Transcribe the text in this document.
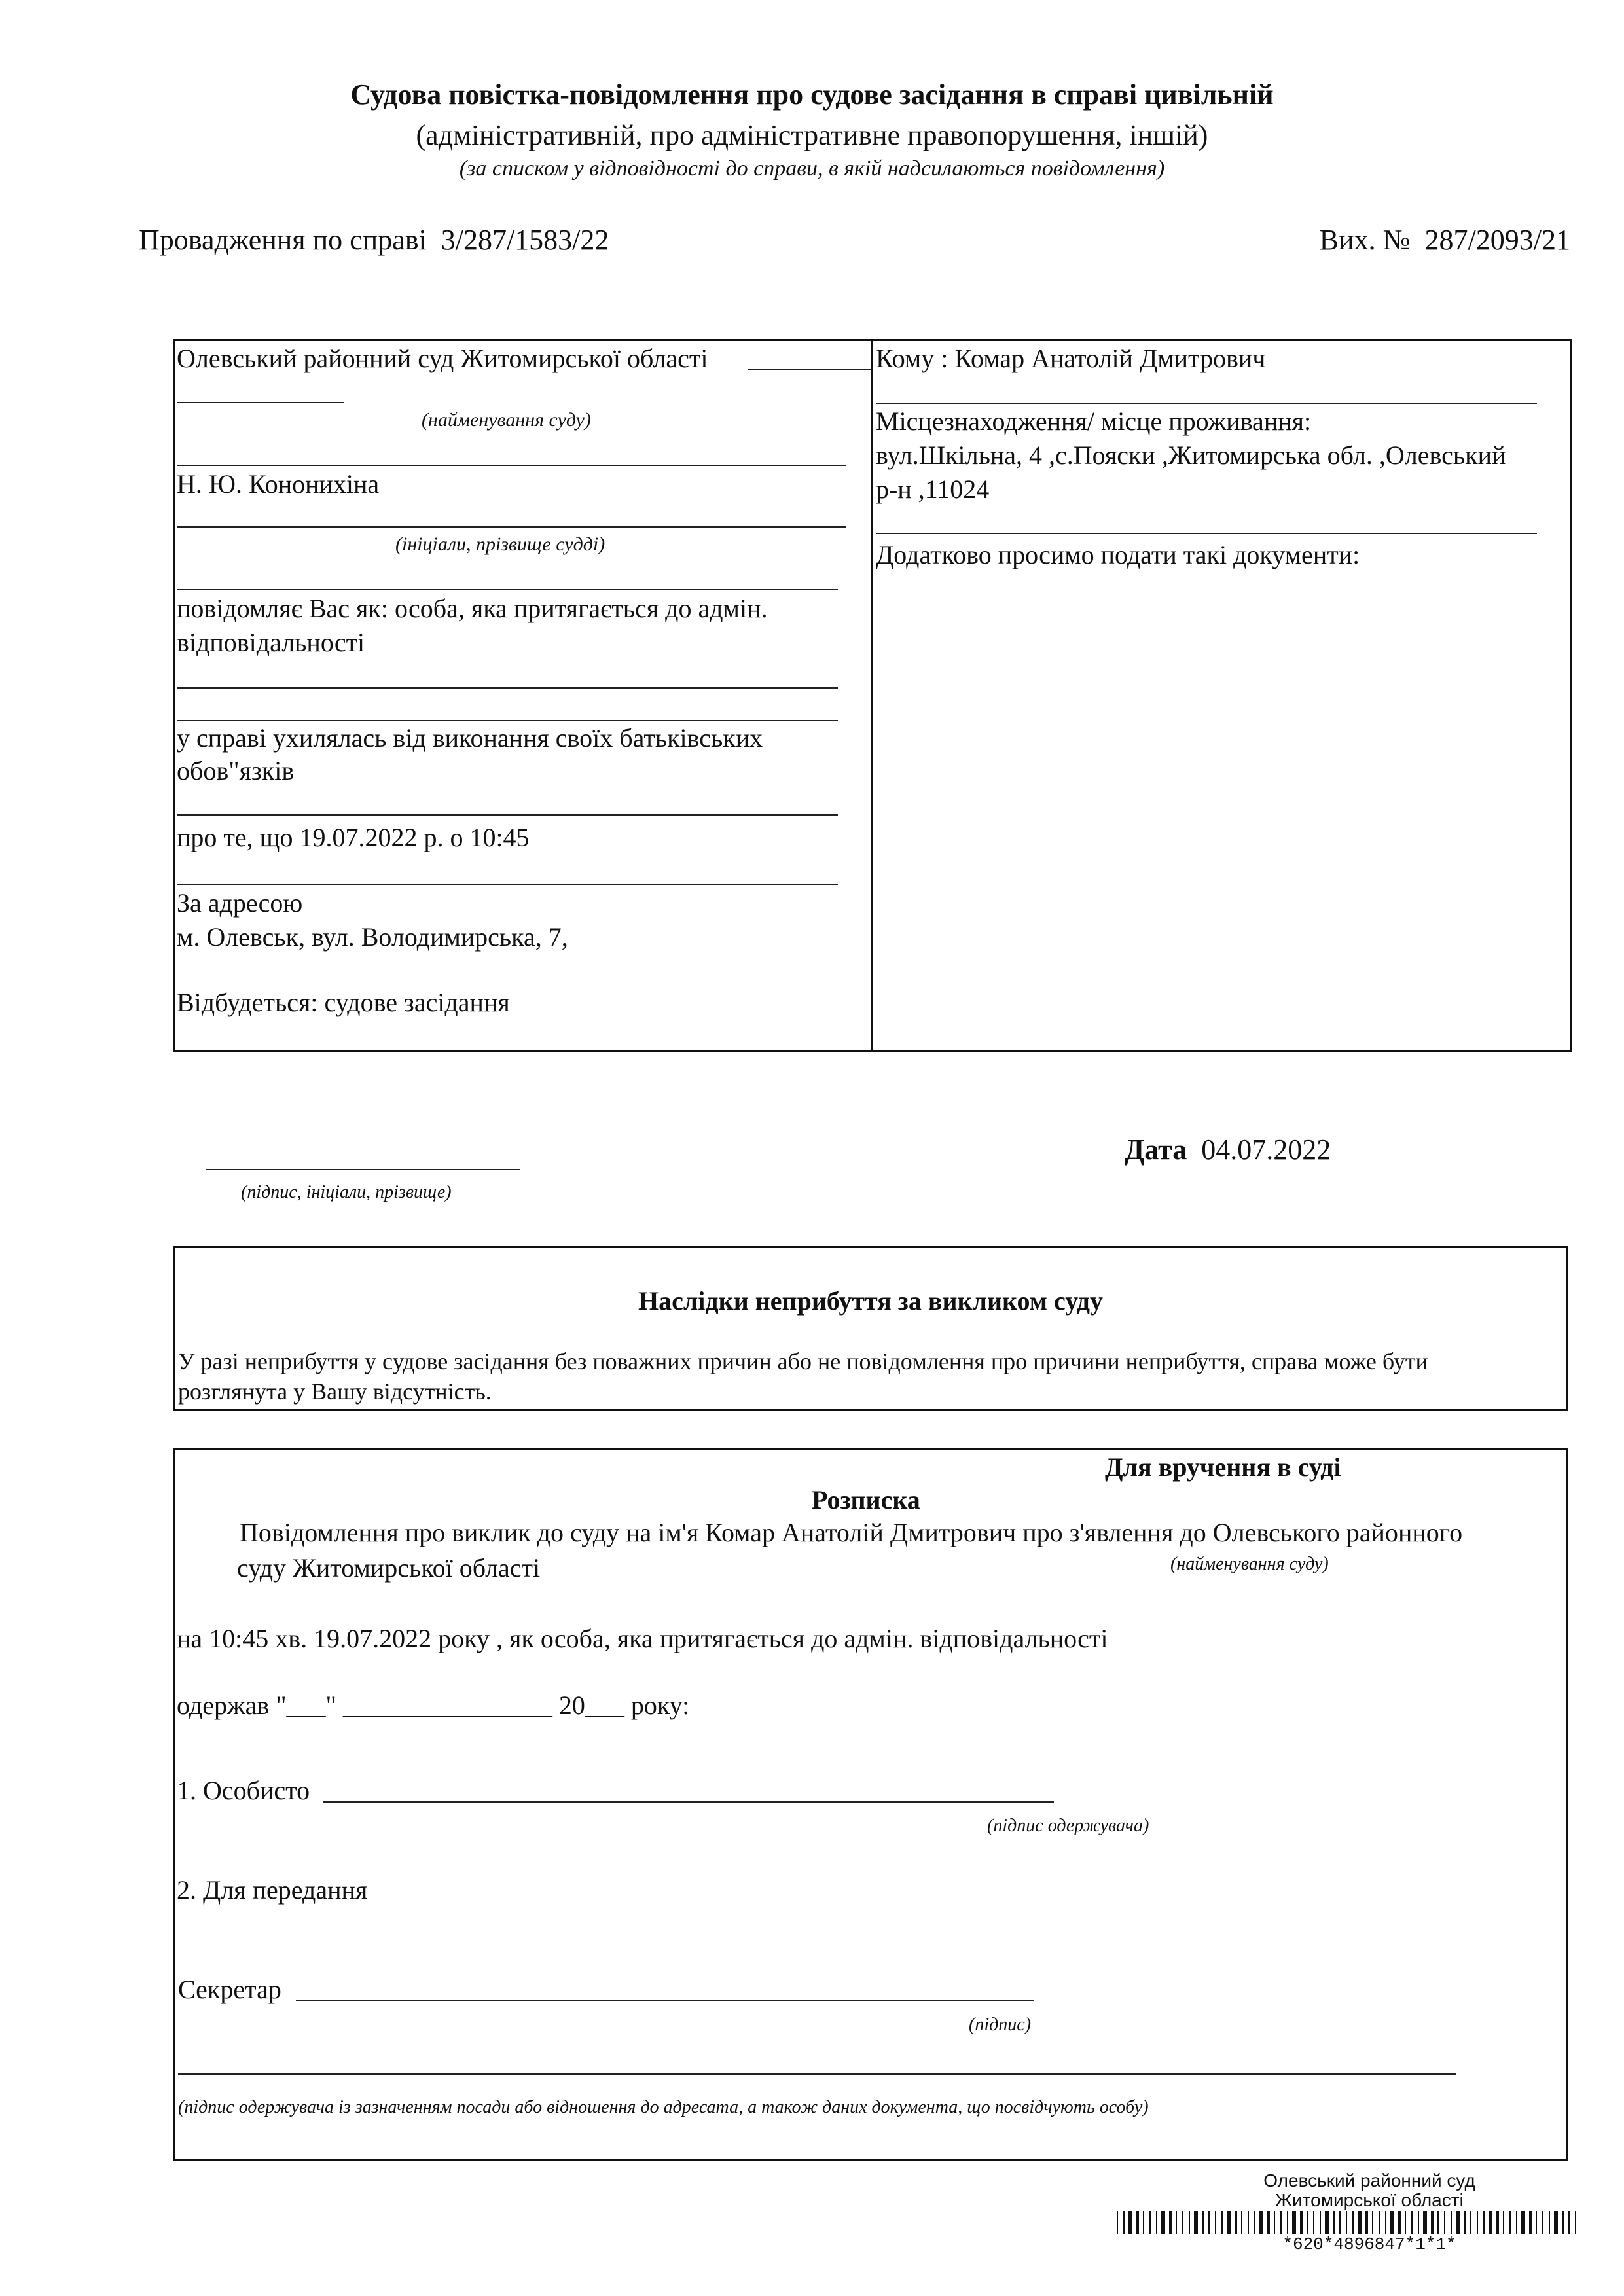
Судова повістка-повідомлення про судове засідання в справі цивільній
(адміністративній, про адміністративне правопорушення, іншій)
(за списком у відповідності до справи, в якій надсилаються повідомлення)
Провадження по справі 3/287/1583/22	Вих. № 287/2093/21
Олевський районний суд Житомирської області
(найменування суду)
Н. Ю. Кононихіна
(ініціали, прізвище судді)
повідомляє Вас як: особа, яка притягається до адмін.
відповідальності
у справі ухилялась від виконання своїх батьківських
обов"язків
про те, що 19.07.2022 р. о 10:45
За адресою
м. Олевськ, вул. Володимирська, 7,
Відбудеться: судове засідання
Кому : Комар Анатолій Дмитрович
Місцезнаходження/ місце проживання:
вул.Шкільна, 4 ,с.Пояски ,Житомирська обл. ,Олевський
р-н ,11024
Додатково просимо подати такі документи:
(підпис, ініціали, прізвище)
Дата 04.07.2022
Наслідки неприбуття за викликом суду
У разі неприбуття у судове засідання без поважних причин або не повідомлення про причини неприбуття, справа може бути
розглянута у Вашу відсутність.
Для вручення в суді
Розписка
Повідомлення про виклик до суду на ім'я Комар Анатолій Дмитрович про з'явлення до Олевського районного
суду Житомирської області	(найменування суду)
на 10:45 хв. 19.07.2022 року , як особа, яка притягається до адмін. відповідальності
одержав "___" ________________ 20___ року:
1. Особисто
(підпис одержувача)
2. Для передання
Секретар
(підпис)
(підпис одержувача із зазначенням посади або відношення до адресата, а також даних документа, що посвідчують особу)
Олевський районний суд
Житомирської області
*620*4896847*1*1*
